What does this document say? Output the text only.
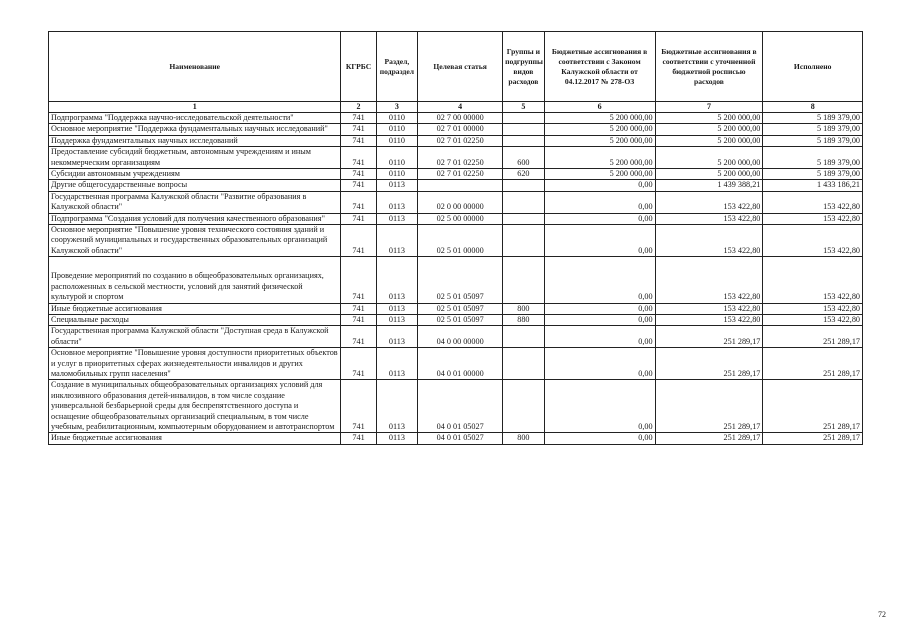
Наименование	КГРБС	Раздел, подраздел	Целевая статья	Группы и подгруппы видов расходов	Бюджетные ассигнования в соответствии с Законом Калужской области от 04.12.2017 № 278-ОЗ	Бюджетные ассигнования в соответствии с уточненной бюджетной росписью расходов	Исполнено
1	2	3	4	5	6	7	8
Подпрограмма "Поддержка научно-исследовательской деятельности"	741	0110	02 7 00 00000		5 200 000,00	5 200 000,00	5 189 379,00
Основное мероприятие "Поддержка фундаментальных научных исследований"	741	0110	02 7 01 00000		5 200 000,00	5 200 000,00	5 189 379,00
Поддержка фундаментальных научных исследований	741	0110	02 7 01 02250		5 200 000,00	5 200 000,00	5 189 379,00
Предоставление субсидий бюджетным, автономным учреждениям и иным некоммерческим организациям	741	0110	02 7 01 02250	600	5 200 000,00	5 200 000,00	5 189 379,00
Субсидии автономным учреждениям	741	0110	02 7 01 02250	620	5 200 000,00	5 200 000,00	5 189 379,00
Другие общегосударственные вопросы	741	0113			0,00	1 439 388,21	1 433 186,21
Государственная программа Калужской области "Развитие образования в Калужской области"	741	0113	02 0 00 00000		0,00	153 422,80	153 422,80
Подпрограмма "Создания условий для получения качественного образования"	741	0113	02 5 00 00000		0,00	153 422,80	153 422,80
Основное мероприятие "Повышение уровня технического состояния зданий и сооружений муниципальных и государственных образовательных организаций Калужской области"	741	0113	02 5 01 00000		0,00	153 422,80	153 422,80
Проведение мероприятий по созданию в общеобразовательных организациях, расположенных в сельской местности, условий для занятий физической культурой и спортом	741	0113	02 5 01 05097		0,00	153 422,80	153 422,80
Иные бюджетные ассигнования	741	0113	02 5 01 05097	800	0,00	153 422,80	153 422,80
Специальные расходы	741	0113	02 5 01 05097	880	0,00	153 422,80	153 422,80
Государственная программа Калужской области "Доступная среда в Калужской области"	741	0113	04 0 00 00000		0,00	251 289,17	251 289,17
Основное мероприятие "Повышение уровня доступности приоритетных объектов и услуг в приоритетных сферах жизнедеятельности инвалидов и других маломобильных групп населения"	741	0113	04 0 01 00000		0,00	251 289,17	251 289,17
Создание в муниципальных общеобразовательных организациях условий для инклюзивного образования детей-инвалидов, в том числе создание универсальной безбарьерной среды для беспрепятственного доступа и оснащение общеобразовательных организаций специальным, в том числе учебным, реабилитационным, компьютерным оборудованием и автотранспортом	741	0113	04 0 01 05027		0,00	251 289,17	251 289,17
Иные бюджетные ассигнования	741	0113	04 0 01 05027	800	0,00	251 289,17	251 289,17
72
